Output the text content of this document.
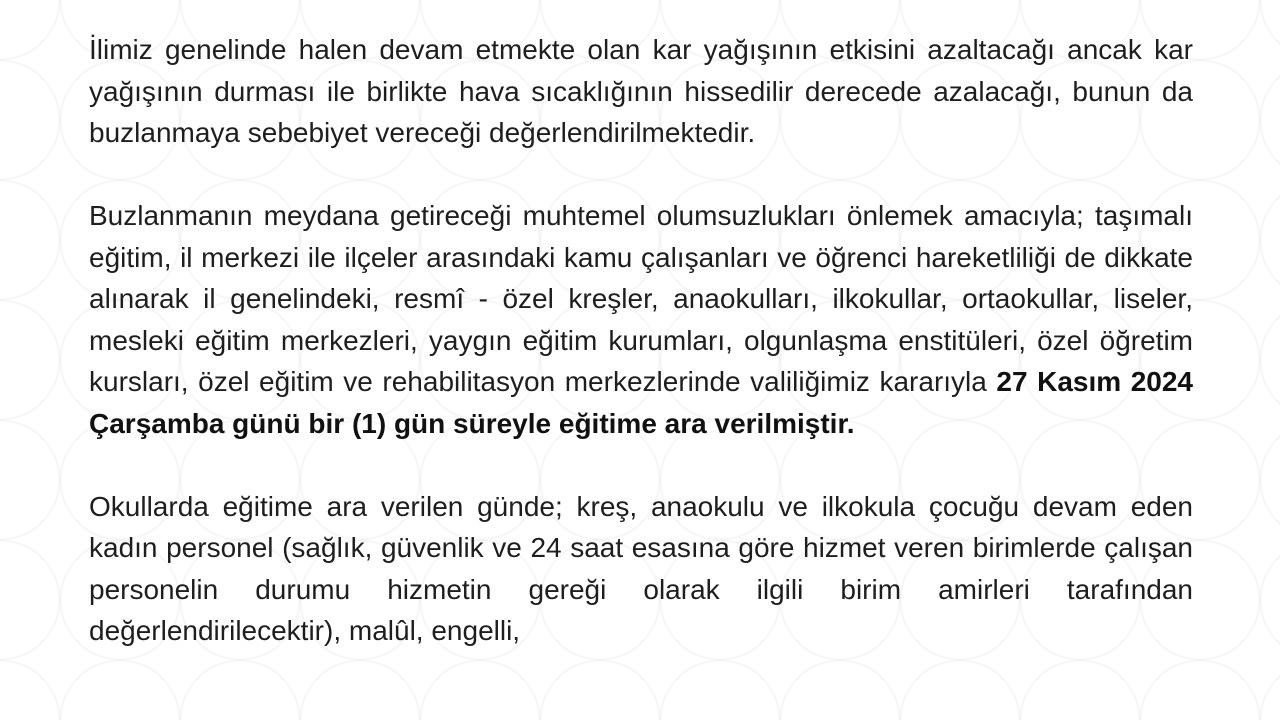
İlimiz genelinde halen devam etmekte olan kar yağışının etkisini azaltacağı ancak kar yağışının durması ile birlikte hava sıcaklığının hissedilir derecede azalacağı, bunun da buzlanmaya sebebiyet vereceği değerlendirilmektedir.

Buzlanmanın meydana getireceği muhtemel olumsuzlukları önlemek amacıyla; taşımalı eğitim, il merkezi ile ilçeler arasındaki kamu çalışanları ve öğrenci hareketliliği de dikkate alınarak il genelindeki, resmî - özel kreşler, anaokulları, ilkokullar, ortaokullar, liseler, mesleki eğitim merkezleri, yaygın eğitim kurumları, olgunlaşma enstitüleri, özel öğretim kursları, özel eğitim ve rehabilitasyon merkezlerinde valiliğimiz kararıyla 27 Kasım 2024 Çarşamba günü bir (1) gün süreyle eğitime ara verilmiştir.

Okullarda eğitime ara verilen günde; kreş, anaokulu ve ilkokula çocuğu devam eden kadın personel (sağlık, güvenlik ve 24 saat esasına göre hizmet veren birimlerde çalışan personelin durumu hizmetin gereği olarak ilgili birim amirleri tarafından değerlendirilecektir), malûl, engelli,
